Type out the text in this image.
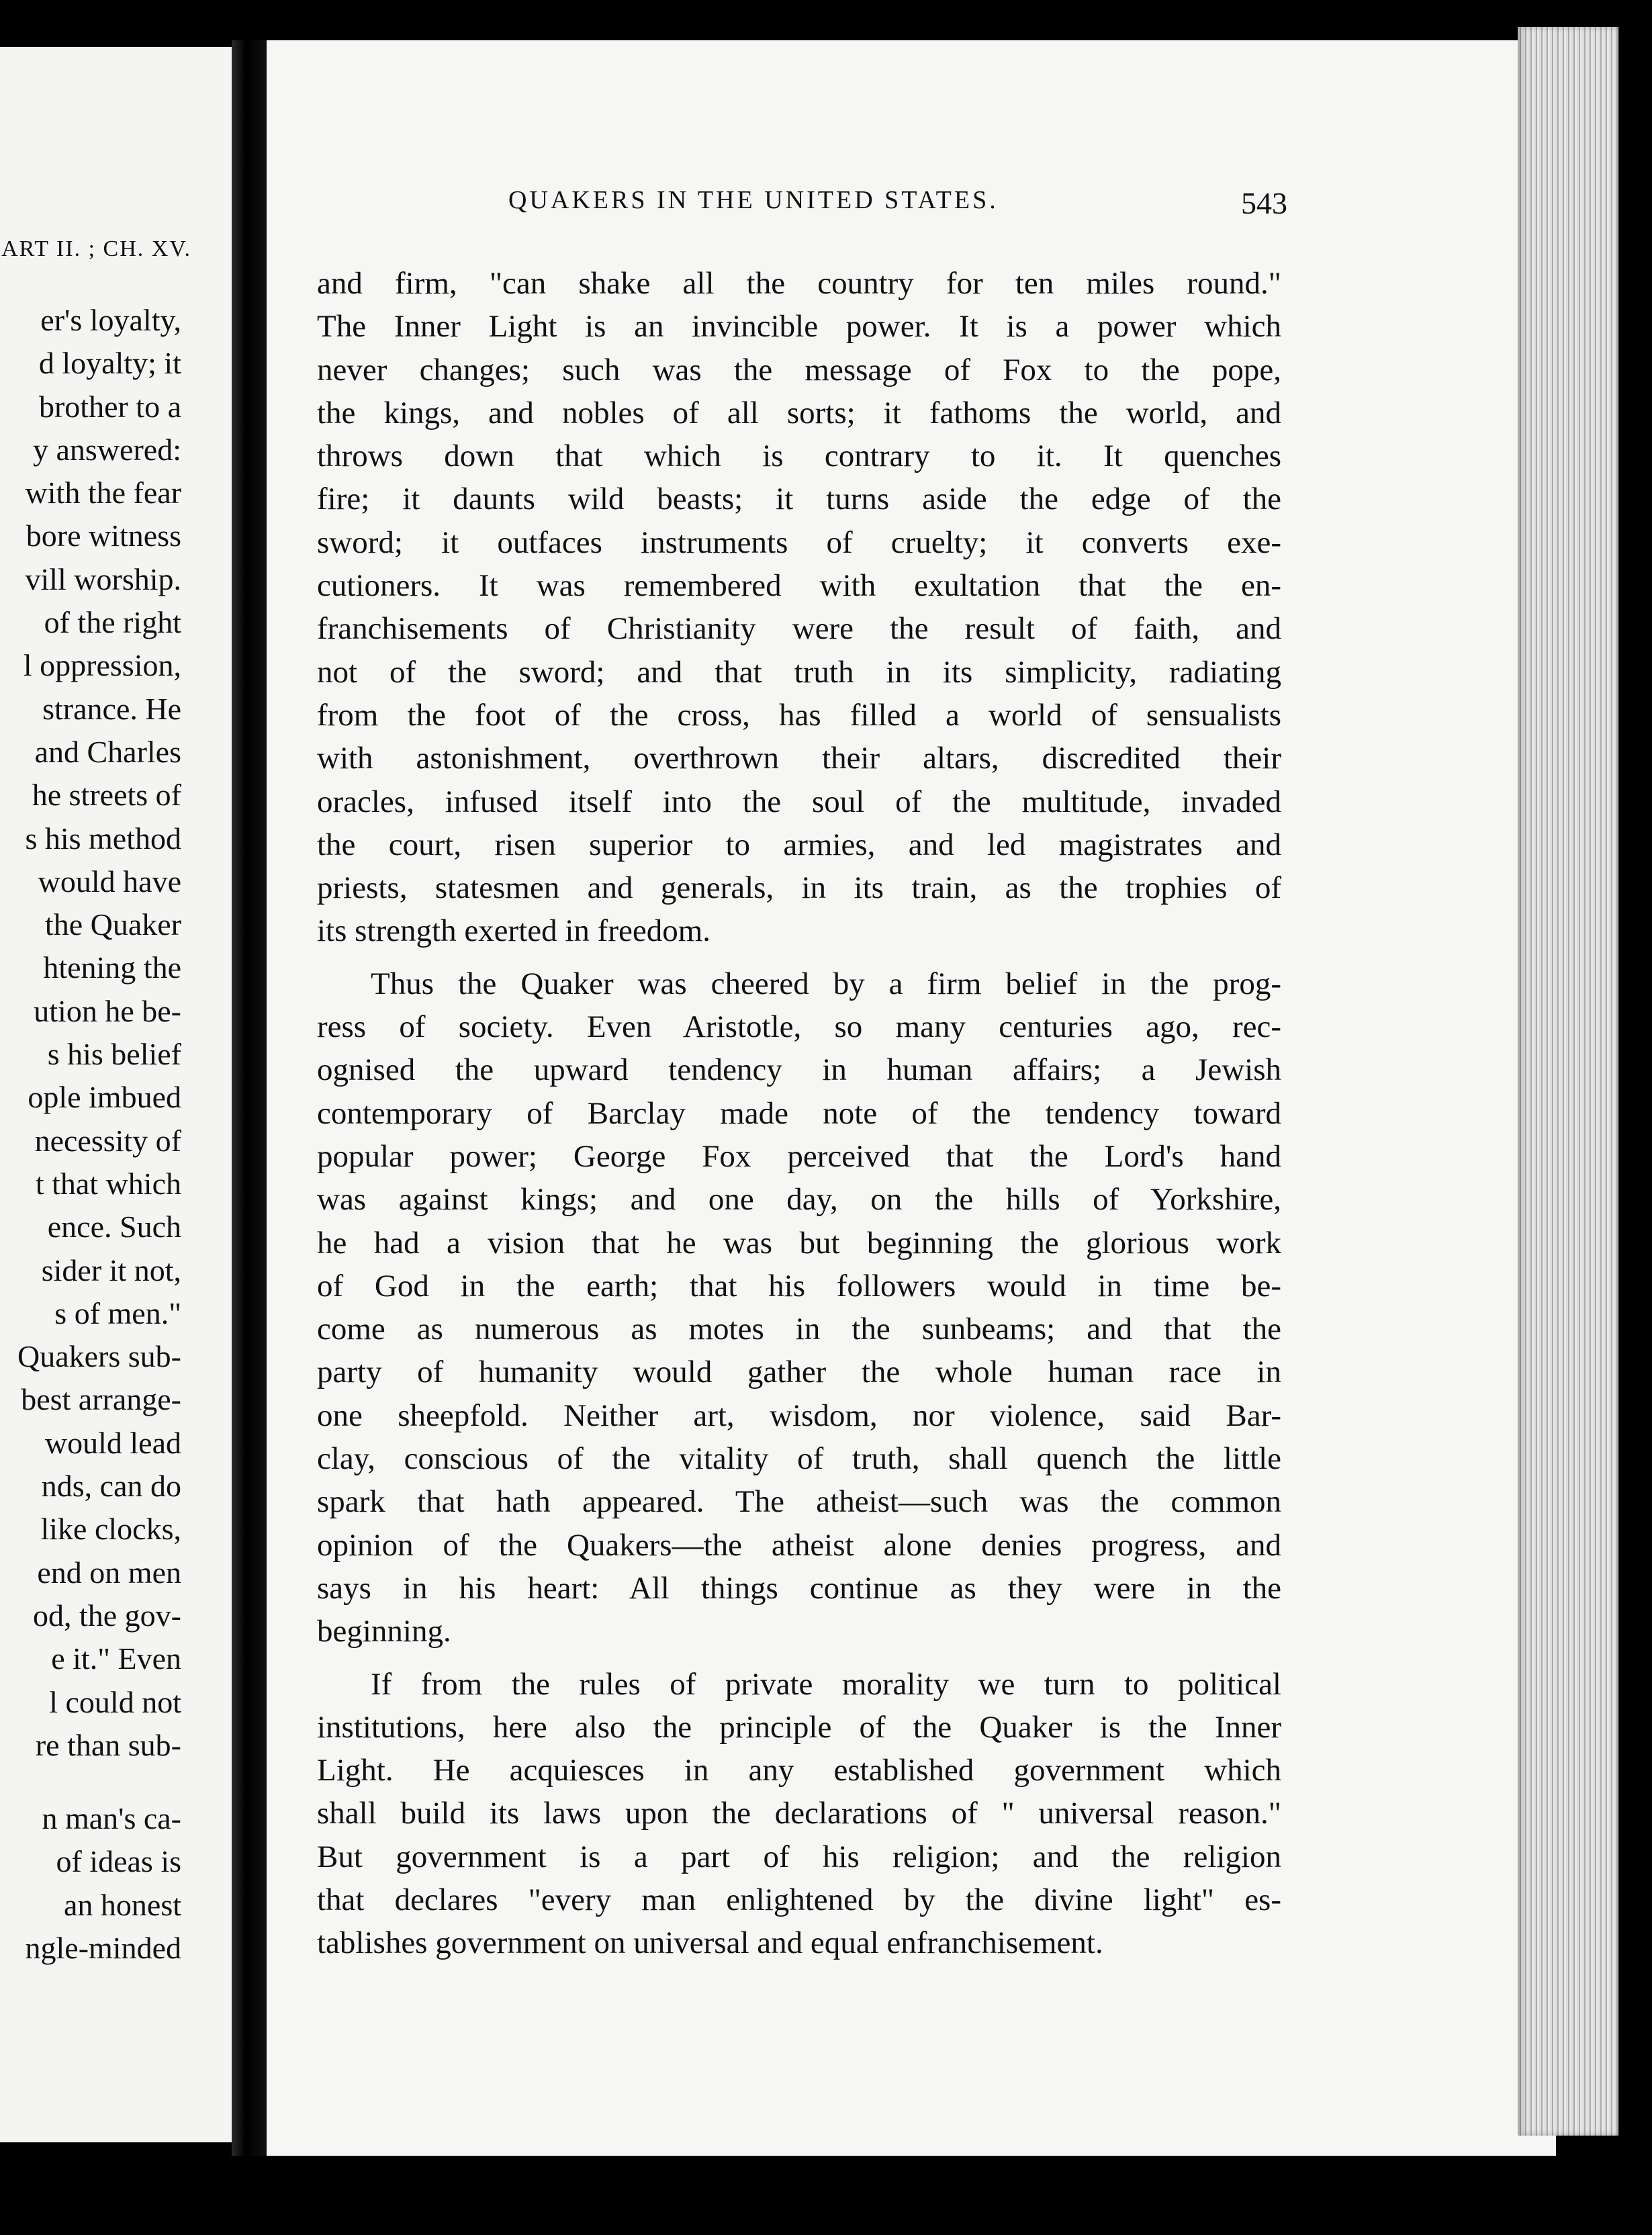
ART II. ; CH. XV.
er's loyalty,
d loyalty; it
brother to a
y answered:
with the fear
bore witness
vill worship.
of the right
l oppression,
strance. He
and Charles
he streets of
s his method
would have
the Quaker
htening the
ution he be-
s his belief
ople imbued
necessity of
t that which
ence. Such
sider it not,
s of men."
Quakers sub-
best arrange-
would lead
nds, can do
like clocks,
end on men
od, the gov-
e it." Even
l could not
re than sub-
n man's ca-
of ideas is
an honest
ngle-minded
QUAKERS IN THE UNITED STATES.	543
and firm, "can shake all the country for ten miles round."
The Inner Light is an invincible power. It is a power which
never changes; such was the message of Fox to the pope,
the kings, and nobles of all sorts; it fathoms the world, and
throws down that which is contrary to it. It quenches
fire; it daunts wild beasts; it turns aside the edge of the
sword; it outfaces instruments of cruelty; it converts exe-
cutioners. It was remembered with exultation that the en-
franchisements of Christianity were the result of faith, and
not of the sword; and that truth in its simplicity, radiating
from the foot of the cross, has filled a world of sensualists
with astonishment, overthrown their altars, discredited their
oracles, infused itself into the soul of the multitude, invaded
the court, risen superior to armies, and led magistrates and
priests, statesmen and generals, in its train, as the trophies of
its strength exerted in freedom.
Thus the Quaker was cheered by a firm belief in the prog-
ress of society. Even Aristotle, so many centuries ago, rec-
ognised the upward tendency in human affairs; a Jewish
contemporary of Barclay made note of the tendency toward
popular power; George Fox perceived that the Lord's hand
was against kings; and one day, on the hills of Yorkshire,
he had a vision that he was but beginning the glorious work
of God in the earth; that his followers would in time be-
come as numerous as motes in the sunbeams; and that the
party of humanity would gather the whole human race in
one sheepfold. Neither art, wisdom, nor violence, said Bar-
clay, conscious of the vitality of truth, shall quench the little
spark that hath appeared. The atheist—such was the common
opinion of the Quakers—the atheist alone denies progress, and
says in his heart: All things continue as they were in the
beginning.
If from the rules of private morality we turn to political
institutions, here also the principle of the Quaker is the Inner
Light. He acquiesces in any established government which
shall build its laws upon the declarations of " universal reason."
But government is a part of his religion; and the religion
that declares "every man enlightened by the divine light" es-
tablishes government on universal and equal enfranchisement.
